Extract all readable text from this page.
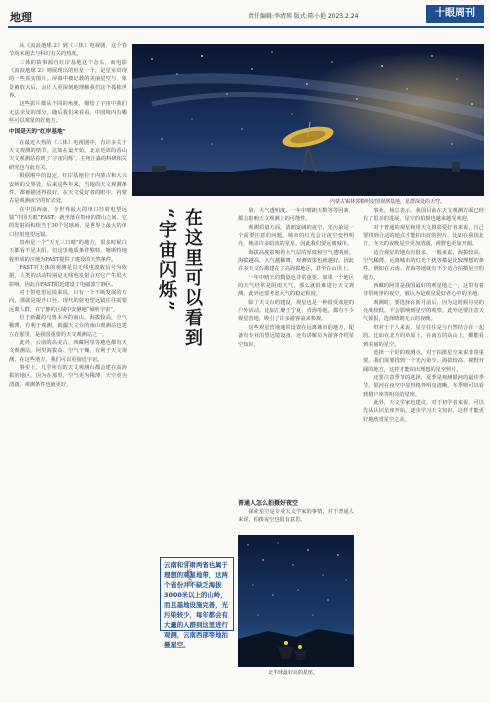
地理	责任编辑:李清瑛 版式:陈小艳 2023.2.24	十眼周刊
内蒙古锡林郭勒明安图观测基地，星群深处的天穹。

从《流浪地球 2》到《三体》电视剧，这个春节尚未褪去与科幻有关的热度。

三体的故事源自红岸基地这个念头，而电影《流浪地球 2》则展现出的恒星一个，是星室出现的一些真实图片。屏幕中被记载的美丽星空与，象景被放大后，会让人更深刻地理解我们这个孤独世界。

这些影片都从不同的角度，描绘了宇宙中我们无法企及的部分。随后我们来看看，中国境内有哪些可以观星的好地方。

中国是天的“红岸基地”

在最近大热的《三体》电视剧中，有许多关于天文观测的情节。比如在最开始，北京近郊的香山天文观测站看到了‘宇宙闪烁’。主角汪淼的科研相关研究也与此有关。

根据刚中的设定，红岸基地位于内蒙古和大兴安岭的交界处，后来这些年来，当地的天文观测条件，都被描述得很好。在天文爱好者的眼中，内蒙古是观测夜空的好去处。

在中国西南，全世界最大的单口径射电望远镜“中国天眼”FAST，就坐落在贵州的群山之间。它的发射面积相当于30个足球场，是世界上最大的单口径射电望远镜。

贵州是一个“天无三日晴”的地方，很多时候白天都看不见太阳。但这里地质条件独特，喀斯特地貌形成的洼地为FAST提供了建设的天然条件。

FAST对天体的观测是以无线电波收信号为依据，人类的活动特别是无线电发射会对它产生很大影响。因此在FAST附近建设了电磁波宁静区。

对于射电望远镜来说，只有一个不断发展的方向，那就是提升口径。现代的射电望远镜往往需要远离人群，在宁静的区域中安静地“倾听宇宙”。

位于新疆的乌鲁木齐的南山，海拔较高，空气稀薄，有利于观测。新疆天文台的南山观测站也建立在那里，是我国重要的天文观测站之一。

此外，云南的高美古、西藏阿里等地也都有天文观测站。阿里海拔高、空气干燥，有利于天文观测。在这些地方，我们可以更接近宇宙。

事实上，几乎所有的天文观测台都会建在高海拔的地区。因为在那里，空气更为稀薄，天空更为清澈，观测条件也就更好。

在这里可以看到
“宇宙闪烁”
□ 杨文杰
云南和甘肃两省也属于理想的观星地带，这两个省份并不缺乏海拔3000米以上的山岭，而且基地设施完善，光污染较少，每年都会有大量的人群到这里进行观测，云南西部等地拍摄星空。

染、大气透明度。一年中晴朗天数等等因素，都会影响天文观测上的可能性。

观测质量方面，清朗宽阔的夜空，光污染是一个需要注意的问题。城市的灯光会让夜空变得明亮，掩盖许多暗淡的星星。因此我们要远离城市。

海拔高度影响着大气层的厚度和空气透明度。海拔越高，大气越稀薄，观测效果也就越好。因此许多天文台都建在了高海拔地区，甚至在山顶上。

一年中晴天的数量也非常重要。如果一个地区的天气经常是阴雨天气，那么就很难进行天文观测。此外还要考虑大气的稳定程度。

除了天文台的建设，观星也是一种很受欢迎的户外活动。比如汇聚于宁夏、青海等地，都有不少观星营地，吸引了许多游客前来参观。

这些观星营地通常设置在远离城市的地方，配备有专业的望远镜设备，还有讲解员为游客介绍星空知识。

普通人怎么拍摄好夜空

探索星空是专业天文学家的事情，对于普通人来说，拍摄夜空也很有意思。

北半球最好认的星座。

事业，杨总表示，我国目前在天文观测方面已经有了很多的进展，星空的拍摄也越来越受欢迎。

对于普通的观星和用天文摄影爱好者来说，自己要找到合适的地点才能拍出好的照片。比如在我国北方，冬天的夜晚星空更加清澈，视野也更加开阔。

适合观星的地点有很多，一般来说，海拔较高、空气稀薄、远离城市的灯光干扰等都是比较理想的条件。例如在云南、青海等地就有不少适合拍摄星空的地方。

西藏的阿里是我国最好的观星地之一，这里有着非常纯净的夜空，被认为是观星爱好者心中的圣地。

观测时，要选择在新月前后，因为这时候月亮的亮度较低，不会影响到星空的观察。此外还要注意天气预报，选择晴朗无云的夜晚。

但对于个人来说，星空往往是与自然结合在一起的。比如在北方的草原上，在南方的高山上，都能看到美丽的星空。

选择一个好的观测点，对于拍摄星空来说非常重要。我们需要找到一个光污染少、海拔较高、视野开阔的地方，这样才能拍出理想的星空照片。

还要注意季节的选择，夏季是观测银河的最佳季节，银河在夜空中显得格外明亮清晰。冬季则可以看到猎户座等明亮的星座。

此外，天文学家也建议，对于初学者来说，可以先从认识星座开始，逐步学习天文知识，这样才能更好地欣赏星空之美。
